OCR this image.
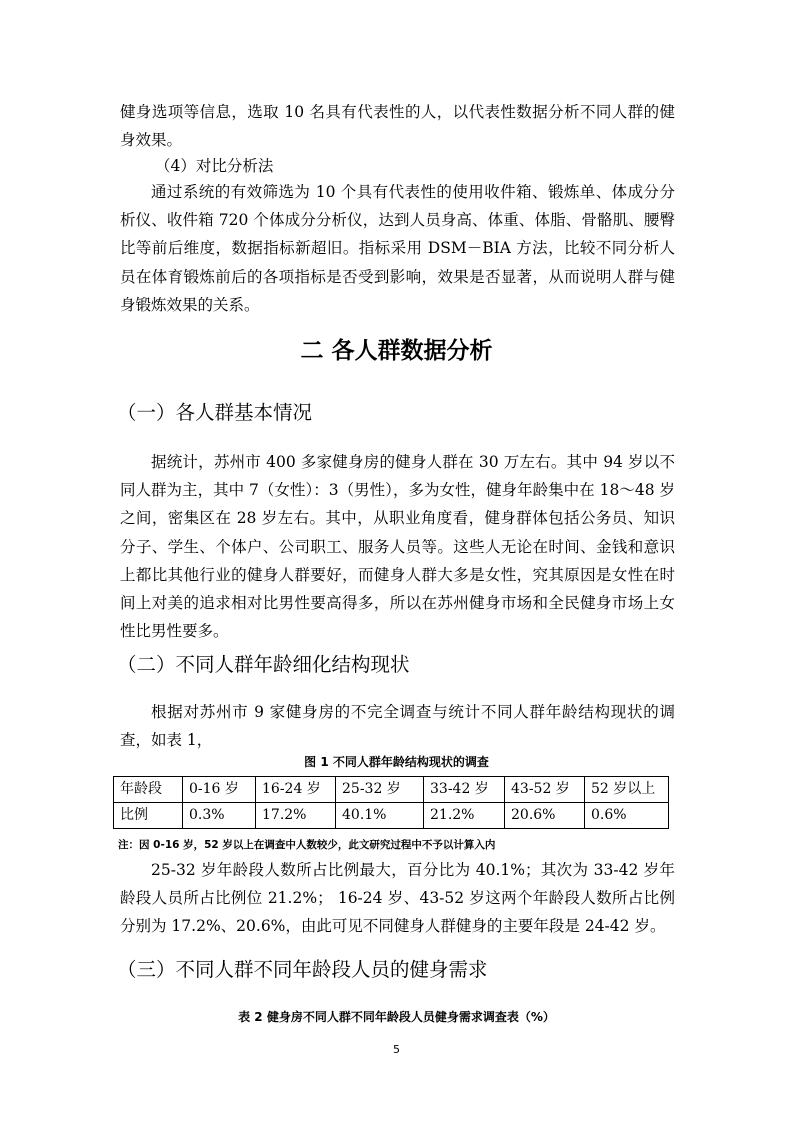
健身选项等信息，选取 10 名具有代表性的人，以代表性数据分析不同人群的健身效果。
（4）对比分析法
通过系统的有效筛选为 10 个具有代表性的使用收件箱、锻炼单、体成分分析仪、收件箱 720 个体成分分析仪，达到人员身高、体重、体脂、骨骼肌、腰臀比等前后维度，数据指标新超旧。指标采用 DSM－BIA 方法，比较不同分析人员在体育锻炼前后的各项指标是否受到影响，效果是否显著，从而说明人群与健身锻炼效果的关系。
二 各人群数据分析
（一）各人群基本情况
据统计，苏州市 400 多家健身房的健身人群在 30 万左右。其中 94 岁以不同人群为主，其中 7（女性）：3（男性），多为女性，健身年龄集中在 18～48 岁之间，密集区在 28 岁左右。其中，从职业角度看，健身群体包括公务员、知识分子、学生、个体户、公司职工、服务人员等。这些人无论在时间、金钱和意识上都比其他行业的健身人群要好，而健身人群大多是女性，究其原因是女性在时间上对美的追求相对比男性要高得多，所以在苏州健身市场和全民健身市场上女性比男性要多。
（二）不同人群年龄细化结构现状
根据对苏州市 9 家健身房的不完全调查与统计不同人群年龄结构现状的调查，如表 1，
图 1 不同人群年龄结构现状的调查
年龄段	0-16 岁	16-24 岁	25-32 岁	33-42 岁	43-52 岁	52 岁以上
比例	0.3%	17.2%	40.1%	21.2%	20.6%	0.6%
注：因 0-16 岁，52 岁以上在调查中人数较少，此文研究过程中不予以计算入内
25-32 岁年龄段人数所占比例最大，百分比为 40.1%；其次为 33-42 岁年龄段人员所占比例位 21.2%； 16-24 岁、43-52 岁这两个年龄段人数所占比例分别为 17.2%、20.6%，由此可见不同健身人群健身的主要年段是 24-42 岁。
（三）不同人群不同年龄段人员的健身需求
表 2 健身房不同人群不同年龄段人员健身需求调查表（%）
5
